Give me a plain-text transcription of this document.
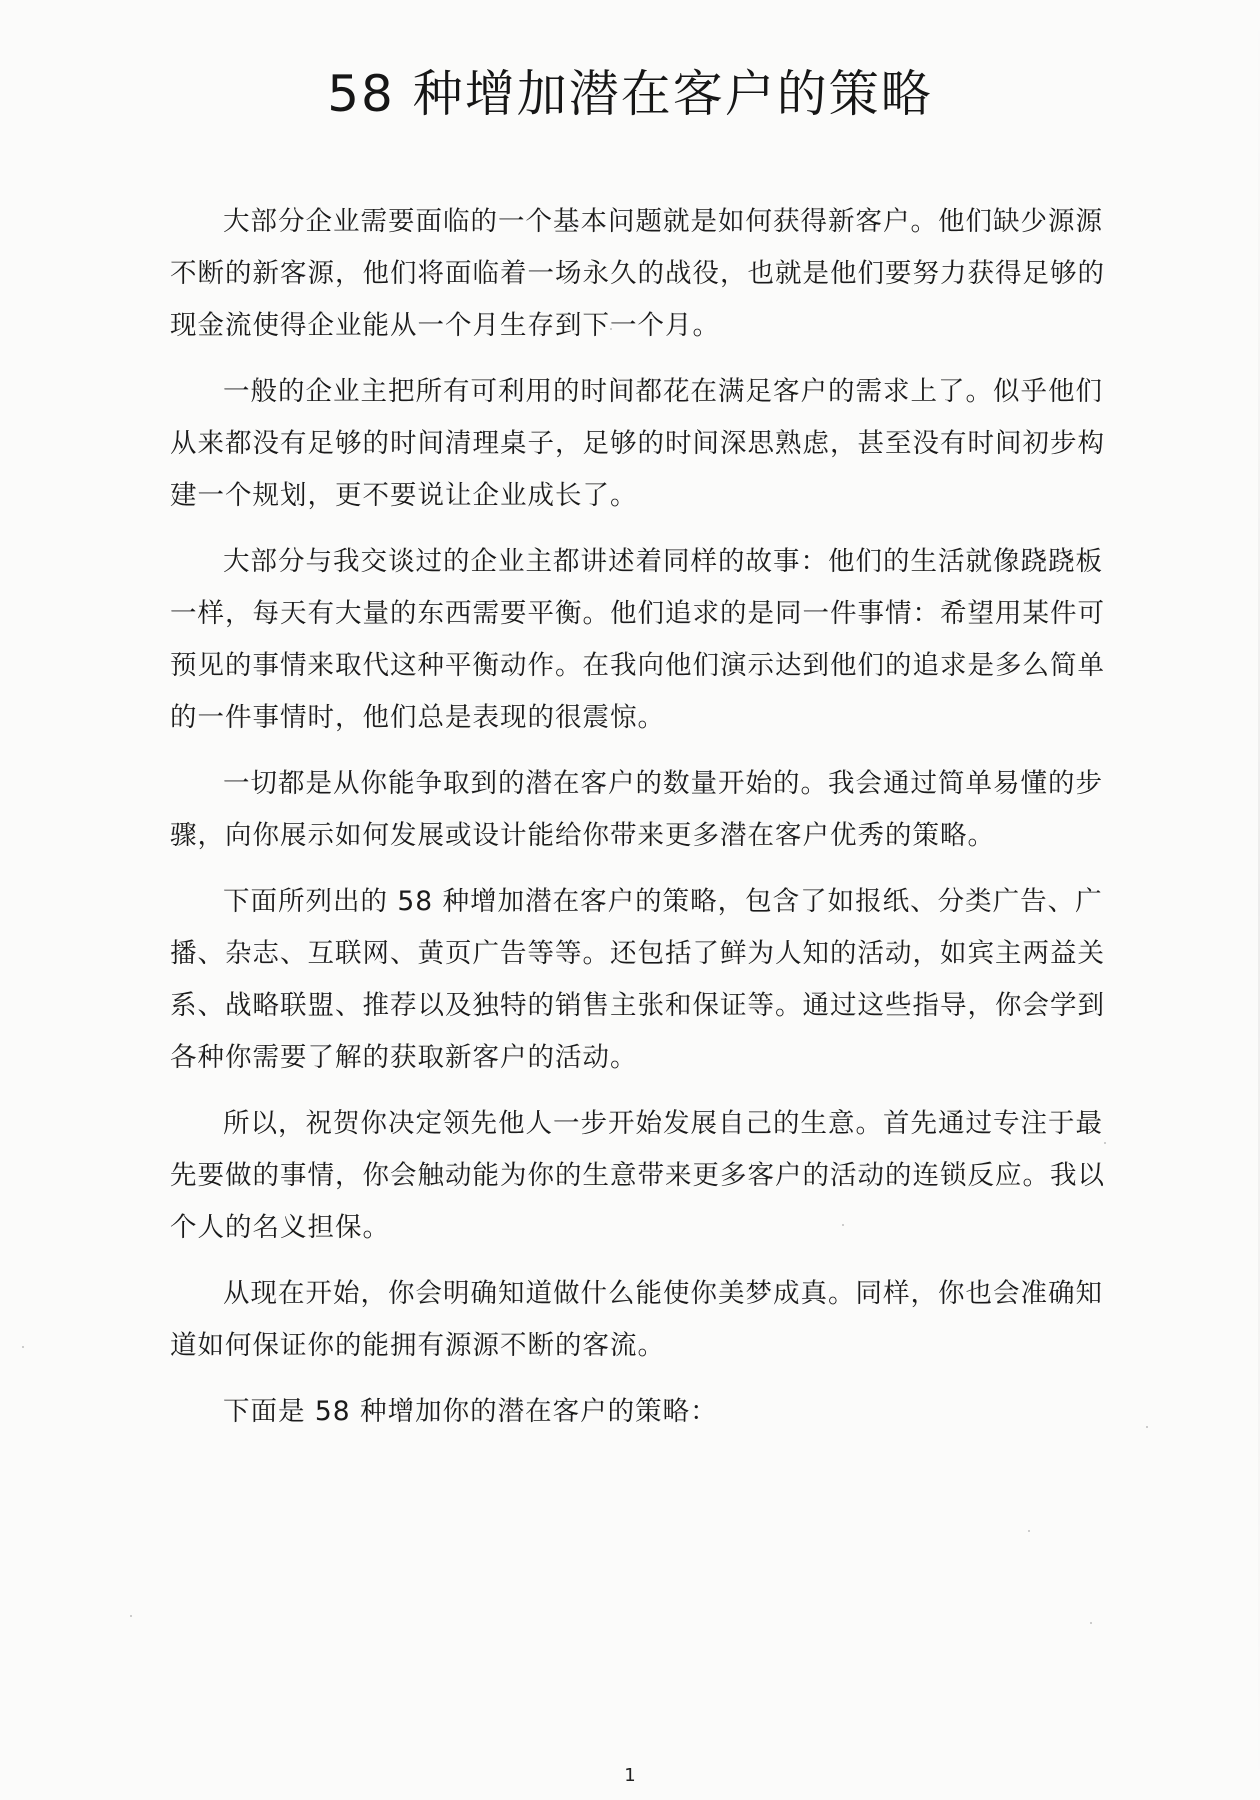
58 种增加潜在客户的策略

大部分企业需要面临的一个基本问题就是如何获得新客户。他们缺少源源不断的新客源，他们将面临着一场永久的战役，也就是他们要努力获得足够的现金流使得企业能从一个月生存到下一个月。

一般的企业主把所有可利用的时间都花在满足客户的需求上了。似乎他们从来都没有足够的时间清理桌子，足够的时间深思熟虑，甚至没有时间初步构建一个规划，更不要说让企业成长了。

大部分与我交谈过的企业主都讲述着同样的故事：他们的生活就像跷跷板一样，每天有大量的东西需要平衡。他们追求的是同一件事情：希望用某件可预见的事情来取代这种平衡动作。在我向他们演示达到他们的追求是多么简单的一件事情时，他们总是表现的很震惊。

一切都是从你能争取到的潜在客户的数量开始的。我会通过简单易懂的步骤，向你展示如何发展或设计能给你带来更多潜在客户优秀的策略。

下面所列出的 58 种增加潜在客户的策略，包含了如报纸、分类广告、广播、杂志、互联网、黄页广告等等。还包括了鲜为人知的活动，如宾主两益关系、战略联盟、推荐以及独特的销售主张和保证等。通过这些指导，你会学到各种你需要了解的获取新客户的活动。

所以，祝贺你决定领先他人一步开始发展自己的生意。首先通过专注于最先要做的事情，你会触动能为你的生意带来更多客户的活动的连锁反应。我以个人的名义担保。

从现在开始，你会明确知道做什么能使你美梦成真。同样，你也会准确知道如何保证你的能拥有源源不断的客流。

下面是 58 种增加你的潜在客户的策略：

1
